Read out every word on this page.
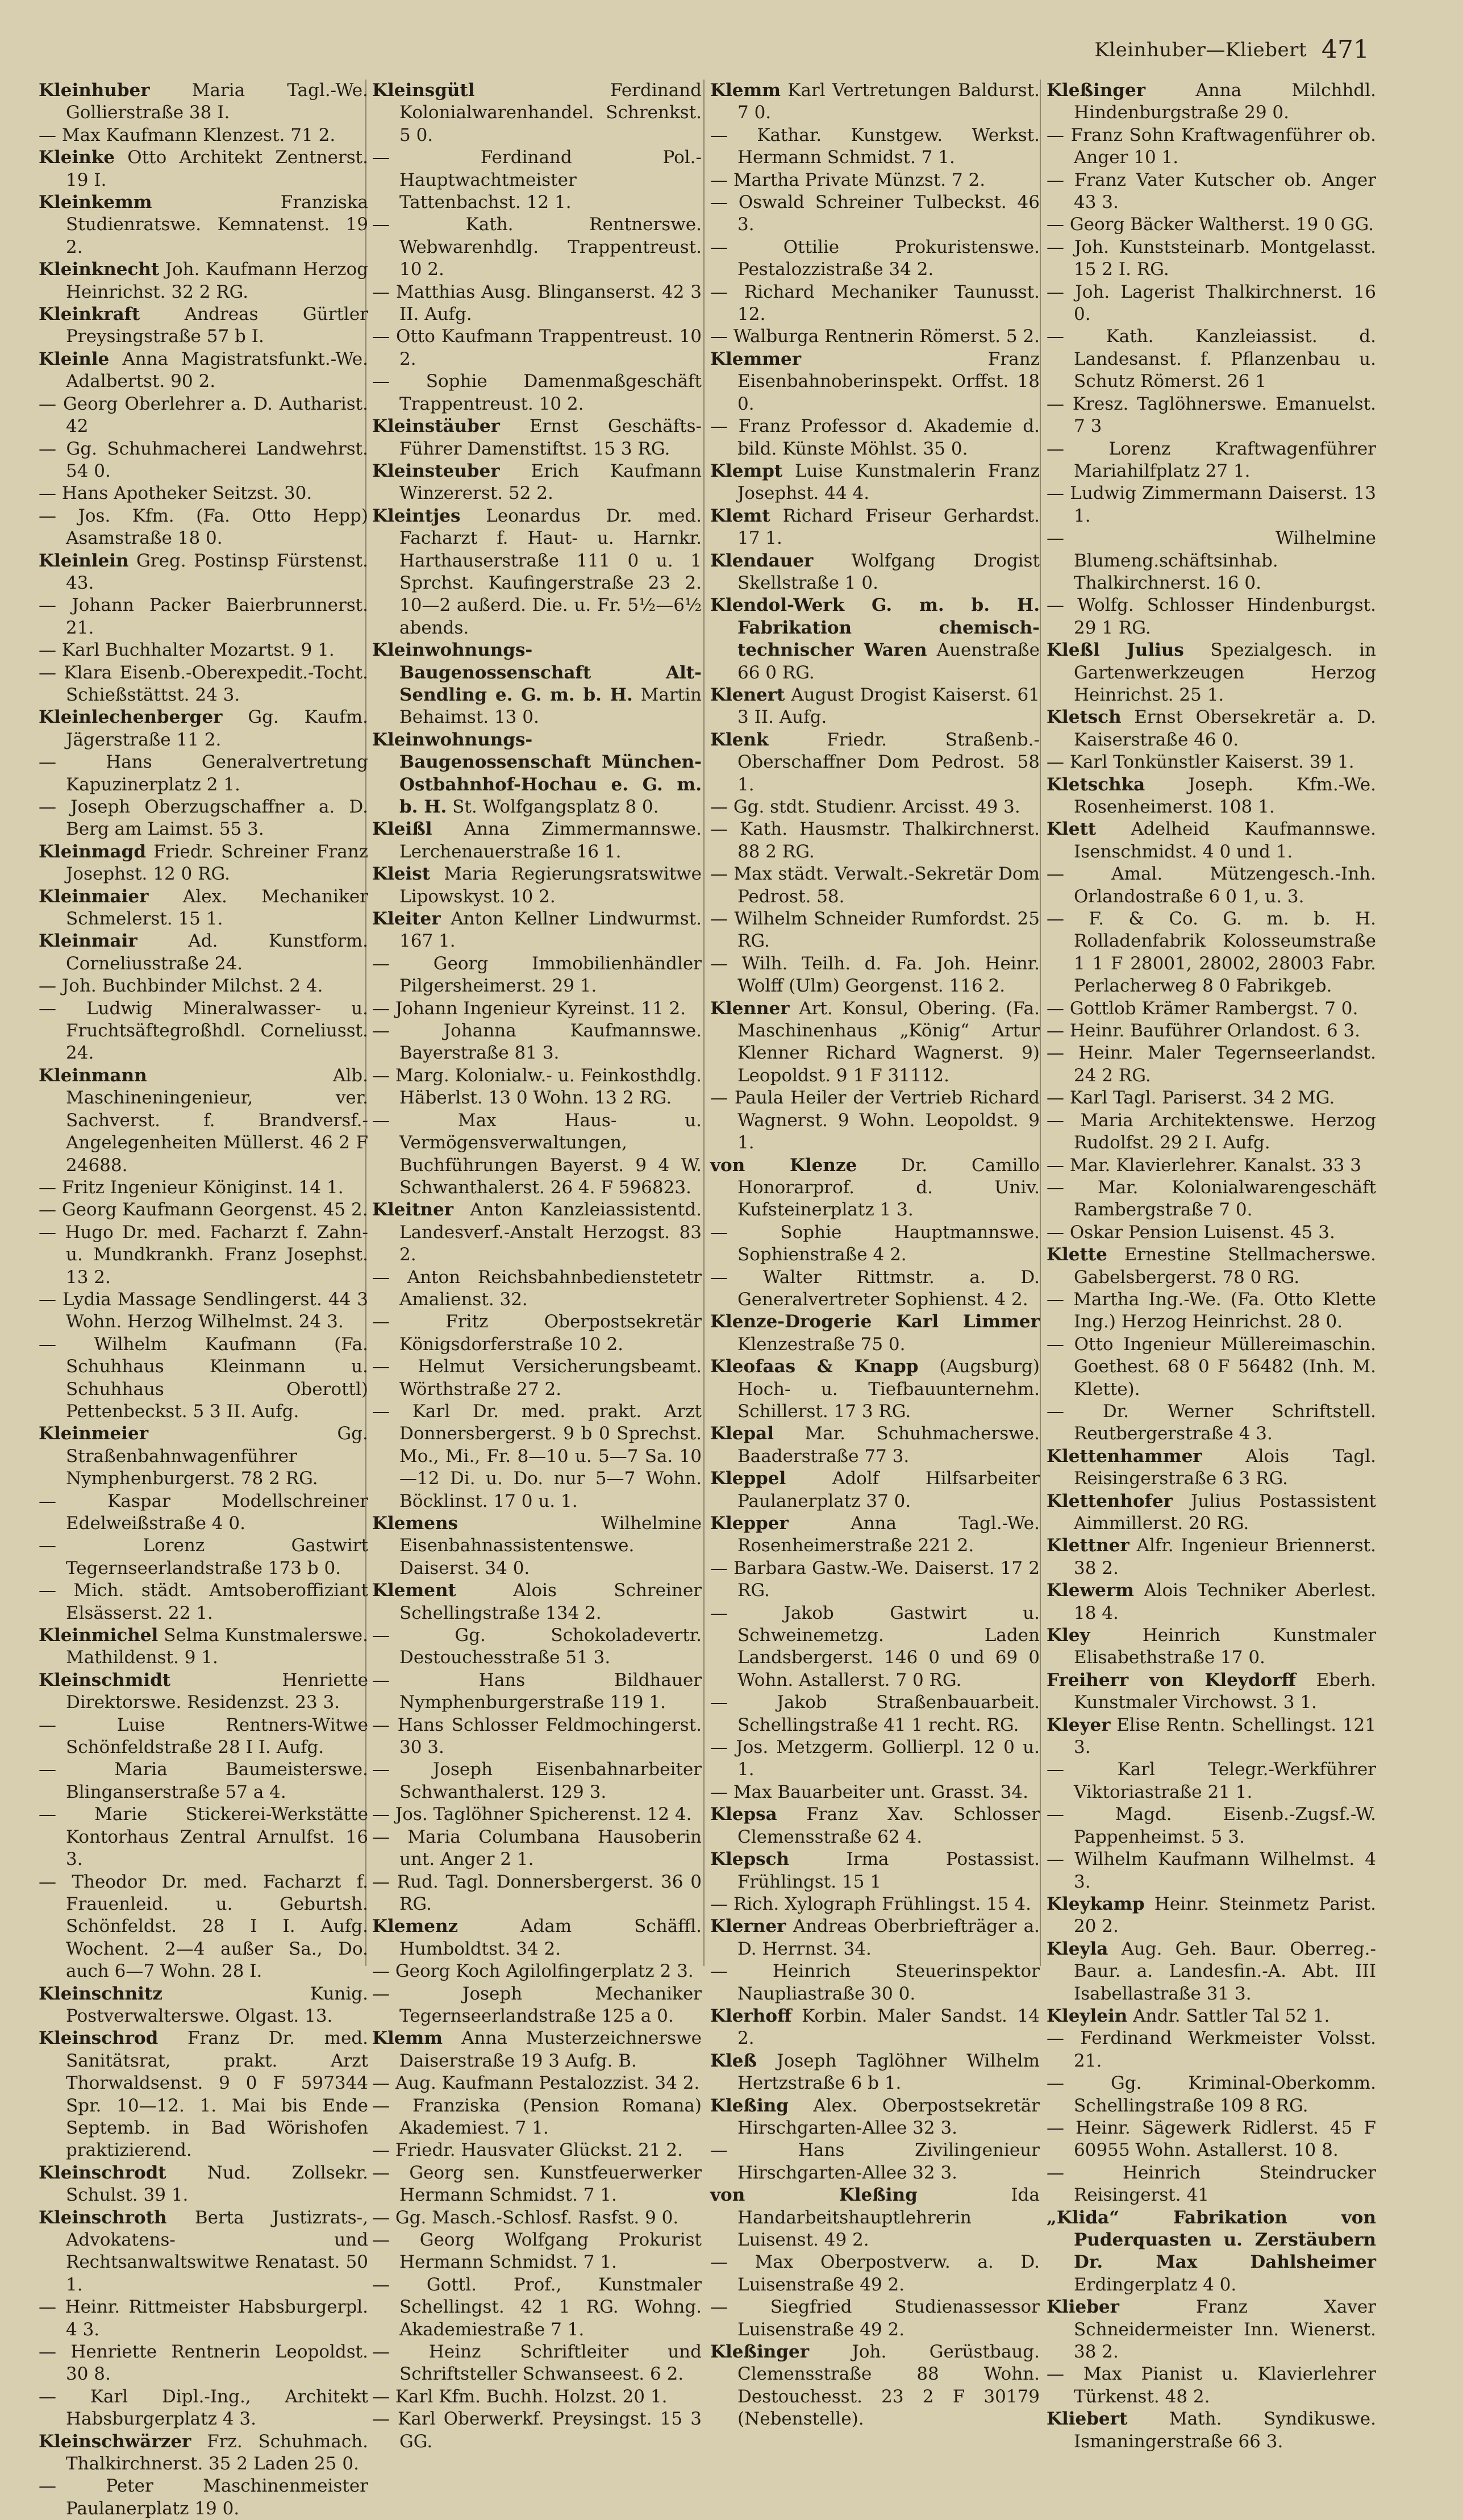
Kleinhuber—Kliebert 471

Kleinhuber Maria Tagl.-We. Gollierstraße 38 I.

— Max Kaufmann Klenzest. 71 2.

Kleinke Otto Architekt Zentnerst. 19 I.

Kleinkemm	Franziska Studienratswe. Kemnatenst. 19 2.

Kleinknecht Joh. Kaufmann Herzog Heinrichst. 32 2 RG.

Kleinkraft	Andreas Gürtler Preysingstraße 57 b I.

Kleinle Anna Magistratsfunkt.-We. Adalbertst. 90 2.

— Georg Oberlehrer a. D. Autharist. 42

— Gg. Schuhmacherei Landwehrst. 54 0.

— Hans Apotheker Seitzst. 30.

— Jos. Kfm. (Fa. Otto Hepp) Asamstraße 18 0.

Kleinlein Greg. Postinsp Fürstenst. 43.

— Johann Packer Baierbrunnerst. 21.

— Karl Buchhalter Mozartst. 9 1.

— Klara Eisenb.-Oberexpedit.-Tocht. Schießstättst. 24 3.

Kleinlechenberger Gg. Kaufm. Jägerstraße 11 2.

— Hans Generalvertretung Kapuzinerplatz 2 1.

— Joseph Oberzugschaffner a. D. Berg am Laimst. 55 3.

Kleinmagd Friedr. Schreiner Franz Josephst. 12 0 RG.

Kleinmaier Alex. Mechaniker Schmelerst. 15 1.

Kleinmair	Ad. Kunstform. Corneliusstraße 24.

— Joh. Buchbinder Milchst. 2 4.

— Ludwig Mineralwasser- u. Fruchtsäftegroßhdl. Corneliusst. 24.

Kleinmann	Alb. Maschineningenieur, ver. Sachverst. f. Brandversf.-Angelegenheiten Müllerst. 46 2 F 24688.

— Fritz Ingenieur Königinst. 14 1.

— Georg Kaufmann Georgenst. 45 2.

— Hugo Dr. med. Facharzt f. Zahn- u. Mundkrankh. Franz Josephst. 13 2.

— Lydia Massage Sendlingerst. 44 3 Wohn. Herzog Wilhelmst. 24 3.

— Wilhelm Kaufmann (Fa. Schuhhaus Kleinmann u. Schuhhaus Oberottl) Pettenbeckst. 5 3 II. Aufg.

Kleinmeier	Gg. Straßenbahnwagenführer Nymphenburgerst. 78 2 RG.

— Kaspar Modellschreiner Edelweißstraße 4 0.

— Lorenz Gastwirt Tegernseerlandstraße 173 b 0.

— Mich. städt. Amtsoberoffiziant Elsässerst. 22 1.

Kleinmichel Selma Kunstmalerswe. Mathildenst. 9 1.

Kleinschmidt	Henriette Direktorswe. Residenzst. 23 3.

— Luise Rentners-Witwe Schönfeldstraße 28 I I. Aufg.

— Maria Baumeisterswe. Blinganserstraße 57 a 4.

— Marie Stickerei-Werkstätte Kontorhaus Zentral Arnulfst. 16 3.

— Theodor Dr. med. Facharzt f. Frauenleid. u. Geburtsh. Schönfeldst. 28 I I. Aufg. Wochent. 2—4 außer Sa., Do. auch 6—7 Wohn. 28 I.

Kleinschnitz	Kunig. Postverwalterswe. Olgast. 13.

Kleinschrod Franz Dr. med. Sanitätsrat, prakt. Arzt Thorwaldsenst. 9 0 F 597344 Spr. 10—12. 1. Mai bis Ende Septemb. in Bad Wörishofen praktizierend.

Kleinschrodt Nud. Zollsekr. Schulst. 39 1.

Kleinschroth Berta Justizrats-, Advokatens- und Rechtsanwaltswitwe Renatast. 50 1.

— Heinr. Rittmeister Habsburgerpl. 4 3.

— Henriette Rentnerin Leopoldst. 30 8.

— Karl Dipl.-Ing., Architekt Habsburgerplatz 4 3.

Kleinschwärzer Frz. Schuhmach. Thalkirchnerst. 35 2 Laden 25 0.

— Peter Maschinenmeister Paulanerplatz 19 0.

Kleinsgütl	Ferdinand Kolonialwarenhandel. Schrenkst. 5 0.

— Ferdinand Pol.-Hauptwachtmeister Tattenbachst. 12 1.

— Kath. Rentnerswe. Webwarenhdlg. Trappentreust. 10 2.

— Matthias Ausg. Blinganserst. 42 3 II. Aufg.

— Otto Kaufmann Trappentreust. 10 2.

— Sophie Damenmaßgeschäft Trappentreust. 10 2.

Kleinstäuber Ernst Geschäfts-Führer Damenstiftst. 15 3 RG.

Kleinsteuber Erich Kaufmann Winzererst. 52 2.

Kleintjes Leonardus Dr. med. Facharzt f. Haut- u. Harnkr. Harthauserstraße 111 0 u. 1 Sprchst. Kaufingerstraße 23 2. 10—2 außerd. Die. u. Fr. 5½—6½ abends.

Kleinwohnungs-Baugenossenschaft Alt-Sendling e. G. m. b. H. Martin Behaimst. 13 0.

Kleinwohnungs-Baugenossenschaft München-Ostbahnhof-Hochau e. G. m. b. H. St. Wolfgangsplatz 8 0.

Kleißl Anna Zimmermannswe. Lerchenauerstraße 16 1.

Kleist Maria Regierungsratswitwe Lipowskyst. 10 2.

Kleiter Anton Kellner Lindwurmst. 167 1.

— Georg Immobilienhändler Pilgersheimerst. 29 1.

— Johann Ingenieur Kyreinst. 11 2.

— Johanna Kaufmannswe. Bayerstraße 81 3.

— Marg. Kolonialw.- u. Feinkosthdlg. Häberlst. 13 0 Wohn. 13 2 RG.

— Max Haus- u. Vermögensverwaltungen, Buchführungen Bayerst. 9 4 W. Schwanthalerst. 26 4. F 596823.

Kleitner Anton Kanzleiassistentd. Landesverf.-Anstalt Herzogst. 83 2.

— Anton Reichsbahnbedienstetetr Amalienst. 32.

— Fritz Oberpostsekretär Königsdorferstraße 10 2.

— Helmut Versicherungsbeamt. Wörthstraße 27 2.

— Karl Dr. med. prakt. Arzt Donnersbergerst. 9 b 0 Sprechst. Mo., Mi., Fr. 8—10 u. 5—7 Sa. 10—12 Di. u. Do. nur 5—7 Wohn. Böcklinst. 17 0 u. 1.

Klemens	Wilhelmine Eisenbahnassistentenswe. Daiserst. 34 0.

Klement	Alois Schreiner Schellingstraße 134 2.

— Gg. Schokoladevertr. Destouchesstraße 51 3.

— Hans Bildhauer Nymphenburgerstraße 119 1.

— Hans Schlosser Feldmochingerst. 30 3.

— Joseph Eisenbahnarbeiter Schwanthalerst. 129 3.

— Jos. Taglöhner Spicherenst. 12 4.

— Maria Columbana Hausoberin unt. Anger 2 1.

— Rud. Tagl. Donnersbergerst. 36 0 RG.

Klemenz	Adam Schäffl. Humboldtst. 34 2.

— Georg Koch Agilolfingerplatz 2 3.

— Joseph Mechaniker Tegernseerlandstraße 125 a 0.

Klemm Anna Musterzeichnerswe Daiserstraße 19 3 Aufg. B.

— Aug. Kaufmann Pestalozzist. 34 2.

— Franziska (Pension Romana) Akademiest. 7 1.

— Friedr. Hausvater Glückst. 21 2.

— Georg sen. Kunstfeuerwerker Hermann Schmidst. 7 1.

— Gg. Masch.-Schlosf. Rasfst. 9 0.

— Georg Wolfgang Prokurist Hermann Schmidst. 7 1.

— Gottl. Prof., Kunstmaler Schellingst. 42 1 RG. Wohng. Akademiestraße 7 1.

— Heinz Schriftleiter und Schriftsteller Schwanseest. 6 2.

— Karl Kfm. Buchh. Holzst. 20 1.

— Karl Oberwerkf. Preysingst. 15 3 GG.

Klemm Karl Vertretungen Baldurst. 7 0.

— Kathar. Kunstgew. Werkst. Hermann Schmidst. 7 1.

— Martha Private Münzst. 7 2.

— Oswald Schreiner Tulbeckst. 46 3.

— Ottilie Prokuristenswe. Pestalozzistraße 34 2.

— Richard Mechaniker Taunusst. 12.

— Walburga Rentnerin Römerst. 5 2.

Klemmer	Franz Eisenbahnoberinspekt. Orffst. 18 0.

— Franz Professor d. Akademie d. bild. Künste Möhlst. 35 0.

Klempt Luise Kunstmalerin Franz Josephst. 44 4.

Klemt Richard Friseur Gerhardst. 17 1.

Klendauer Wolfgang Drogist Skellstraße 1 0.

Klendol-Werk G. m. b. H. Fabrikation chemisch-technischer Waren Auenstraße 66 0 RG.

Klenert August Drogist Kaiserst. 61 3 II. Aufg.

Klenk	Friedr. Straßenb.-Oberschaffner Dom Pedrost. 58 1.

— Gg. stdt. Studienr. Arcisst. 49 3.

— Kath. Hausmstr. Thalkirchnerst. 88 2 RG.

— Max städt. Verwalt.-Sekretär Dom Pedrost. 58.

— Wilhelm Schneider Rumfordst. 25 RG.

— Wilh. Teilh. d. Fa. Joh. Heinr. Wolff (Ulm) Georgenst. 116 2.

Klenner Art. Konsul, Obering. (Fa. Maschinenhaus „König“ Artur Klenner Richard Wagnerst. 9) Leopoldst. 9 1 F 31112.

— Paula Heiler der Vertrieb Richard Wagnerst. 9 Wohn. Leopoldst. 9 1.

von Klenze	Dr. Camillo Honorarprof. d. Univ. Kufsteinerplatz 1 3.

— Sophie Hauptmannswe. Sophienstraße 4 2.

— Walter Rittmstr. a. D. Generalvertreter Sophienst. 4 2.

Klenze-Drogerie Karl Limmer Klenzestraße 75 0.

Kleofaas & Knapp (Augsburg) Hoch- u. Tiefbauunternehm. Schillerst. 17 3 RG.

Klepal Mar. Schuhmacherswe. Baaderstraße 77 3.

Kleppel	Adolf Hilfsarbeiter Paulanerplatz 37 0.

Klepper	Anna Tagl.-We. Rosenheimerstraße 221 2.

— Barbara Gastw.-We. Daiserst. 17 2 RG.

— Jakob Gastwirt u. Schweinemetzg. Laden Landsbergerst. 146 0 und 69 0 Wohn. Astallerst. 7 0 RG.

— Jakob Straßenbauarbeit. Schellingstraße 41 1 recht. RG.

— Jos. Metzgerm. Gollierpl. 12 0 u. 1.

— Max Bauarbeiter unt. Grasst. 34.

Klepsa Franz Xav. Schlosser Clemensstraße 62 4.

Klepsch	Irma Postassist. Frühlingst. 15 1

— Rich. Xylograph Frühlingst. 15 4.

Klerner Andreas Oberbriefträger a. D. Herrnst. 34.

— Heinrich Steuerinspektor Naupliastraße 30 0.

Klerhoff Korbin. Maler Sandst. 14 2.

Kleß Joseph Taglöhner Wilhelm Hertzstraße 6 b 1.

Kleßing Alex. Oberpostsekretär Hirschgarten-Allee 32 3.

— Hans Zivilingenieur Hirschgarten-Allee 32 3.

von Kleßing	Ida Handarbeitshauptlehrerin Luisenst. 49 2.

— Max Oberpostverw. a. D. Luisenstraße 49 2.

— Siegfried Studienassessor Luisenstraße 49 2.

Kleßinger Joh. Gerüstbaug. Clemensstraße 88 Wohn. Destouchesst. 23 2 F 30179 (Nebenstelle).

Kleßinger	Anna Milchhdl. Hindenburgstraße 29 0.

— Franz Sohn Kraftwagenführer ob. Anger 10 1.

— Franz Vater Kutscher ob. Anger 43 3.

— Georg Bäcker Waltherst. 19 0 GG.

— Joh. Kunststeinarb. Montgelasst. 15 2 I. RG.

— Joh. Lagerist Thalkirchnerst. 16 0.

— Kath. Kanzleiassist. d. Landesanst. f. Pflanzenbau u. Schutz Römerst. 26 1

— Kresz. Taglöhnerswe. Emanuelst. 7 3

— Lorenz Kraftwagenführer Mariahilfplatz 27 1.

— Ludwig Zimmermann Daiserst. 13 1.

— Wilhelmine Blumeng.schäftsinhab. Thalkirchnerst. 16 0.

— Wolfg. Schlosser Hindenburgst. 29 1 RG.

Kleßl Julius Spezialgesch. in Gartenwerkzeugen Herzog Heinrichst. 25 1.

Kletsch Ernst Obersekretär a. D. Kaiserstraße 46 0.

— Karl Tonkünstler Kaiserst. 39 1.

Kletschka Joseph. Kfm.-We. Rosenheimerst. 108 1.

Klett Adelheid Kaufmannswe. Isenschmidst. 4 0 und 1.

— Amal. Mützengesch.-Inh. Orlandostraße 6 0 1, u. 3.

— F. & Co. G. m. b. H. Rolladenfabrik Kolosseumstraße 1 1 F 28001, 28002, 28003 Fabr. Perlacherweg 8 0 Fabrikgeb.

— Gottlob Krämer Rambergst. 7 0.

— Heinr. Bauführer Orlandost. 6 3.

— Heinr. Maler Tegernseerlandst. 24 2 RG.

— Karl Tagl. Pariserst. 34 2 MG.

— Maria Architektenswe. Herzog Rudolfst. 29 2 I. Aufg.

— Mar. Klavierlehrer. Kanalst. 33 3

— Mar. Kolonialwarengeschäft Rambergstraße 7 0.

— Oskar Pension Luisenst. 45 3.

Klette Ernestine Stellmacherswe. Gabelsbergerst. 78 0 RG.

— Martha Ing.-We. (Fa. Otto Klette Ing.) Herzog Heinrichst. 28 0.

— Otto Ingenieur Müllereimaschin. Goethest. 68 0 F 56482 (Inh. M. Klette).

— Dr. Werner Schriftstell. Reutbergerstraße 4 3.

Klettenhammer Alois Tagl. Reisingerstraße 6 3 RG.

Klettenhofer Julius Postassistent Aimmillerst. 20 RG.

Klettner Alfr. Ingenieur Briennerst. 38 2.

Klewerm Alois Techniker Aberlest. 18 4.

Kley	Heinrich Kunstmaler Elisabethstraße 17 0.

Freiherr von Kleydorff Eberh. Kunstmaler Virchowst. 3 1.

Kleyer Elise Rentn. Schellingst. 121 3.

— Karl Telegr.-Werkführer Viktoriastraße 21 1.

— Magd. Eisenb.-Zugsf.-W. Pappenheimst. 5 3.

— Wilhelm Kaufmann Wilhelmst. 4 3.

Kleykamp Heinr. Steinmetz Parist. 20 2.

Kleyla Aug. Geh. Baur. Oberreg.-Baur. a. Landesfin.-A. Abt. III Isabellastraße 31 3.

Kleylein Andr. Sattler Tal 52 1.

— Ferdinand Werkmeister Volsst. 21.

— Gg. Kriminal-Oberkomm. Schellingstraße 109 8 RG.

— Heinr. Sägewerk Ridlerst. 45 F 60955 Wohn. Astallerst. 10 8.

— Heinrich Steindrucker Reisingerst. 41

„Klida“ Fabrikation von Puderquasten u. Zerstäubern Dr. Max Dahlsheimer Erdingerplatz 4 0.

Klieber	Franz Xaver Schneidermeister Inn. Wienerst. 38 2.

— Max Pianist u. Klavierlehrer Türkenst. 48 2.

Kliebert Math. Syndikuswe. Ismaningerstraße 66 3.
